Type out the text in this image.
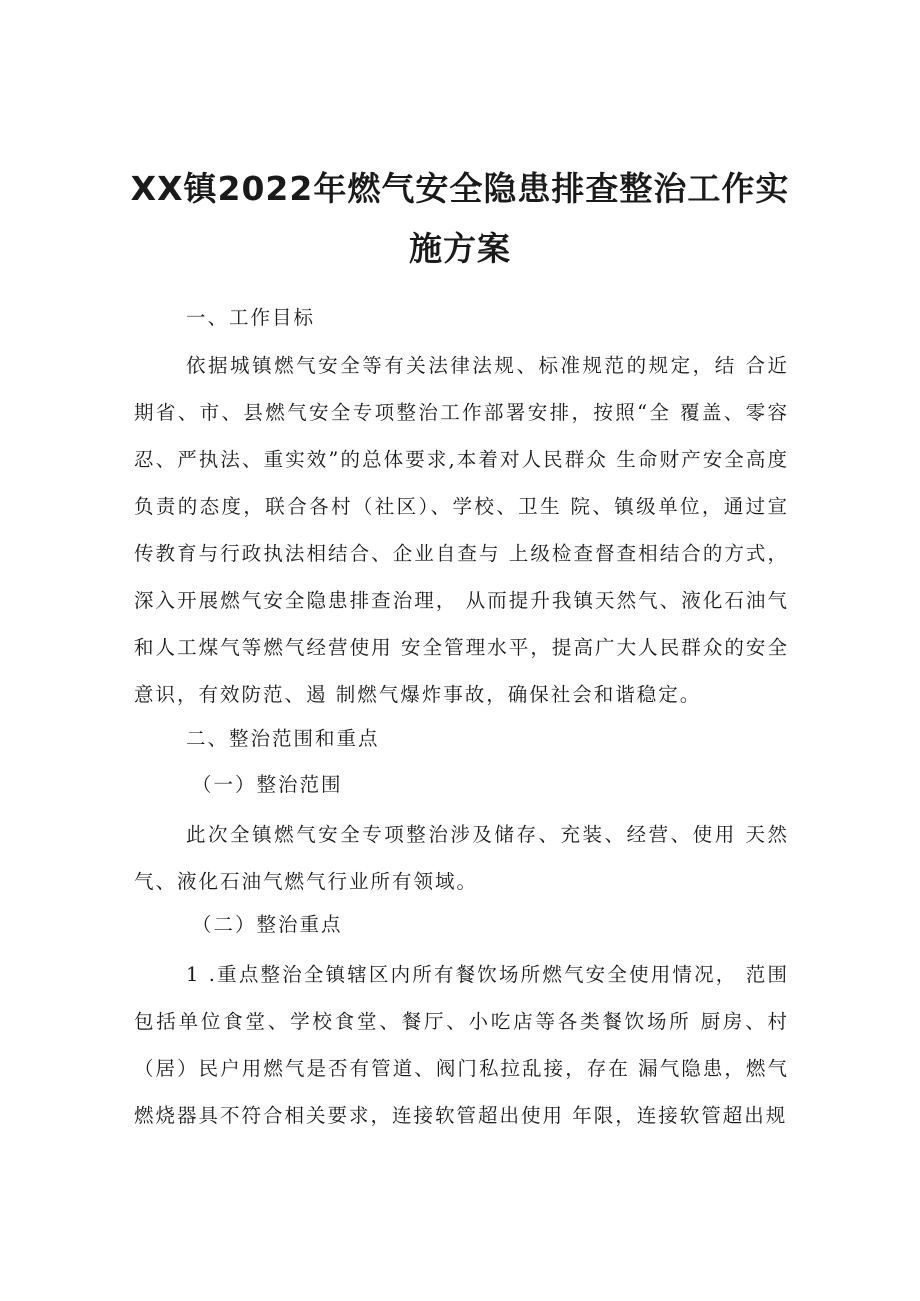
XX镇2022年燃气安全隐患排查整治工作实
施方案
一、工作目标
依据城镇燃气安全等有关法律法规、标准规范的规定，结 合近期省、市、县燃气安全专项整治工作部署安排，按照“全 覆盖、零容忍、严执法、重实效”的总体要求,本着对人民群众 生命财产安全高度负责的态度，联合各村（社区）、学校、卫生 院、镇级单位，通过宣传教育与行政执法相结合、企业自查与 上级检查督查相结合的方式，深入开展燃气安全隐患排查治理， 从而提升我镇天然气、液化石油气和人工煤气等燃气经营使用 安全管理水平，提高广大人民群众的安全意识，有效防范、遏 制燃气爆炸事故，确保社会和谐稳定。
二、整治范围和重点
（一）整治范围
此次全镇燃气安全专项整治涉及储存、充装、经营、使用 天然气、液化石油气燃气行业所有领域。
（二）整治重点
1 .重点整治全镇辖区内所有餐饮场所燃气安全使用情况， 范围包括单位食堂、学校食堂、餐厅、小吃店等各类餐饮场所 厨房、村（居）民户用燃气是否有管道、阀门私拉乱接，存在 漏气隐患，燃气燃烧器具不符合相关要求，连接软管超出使用 年限，连接软管超出规
